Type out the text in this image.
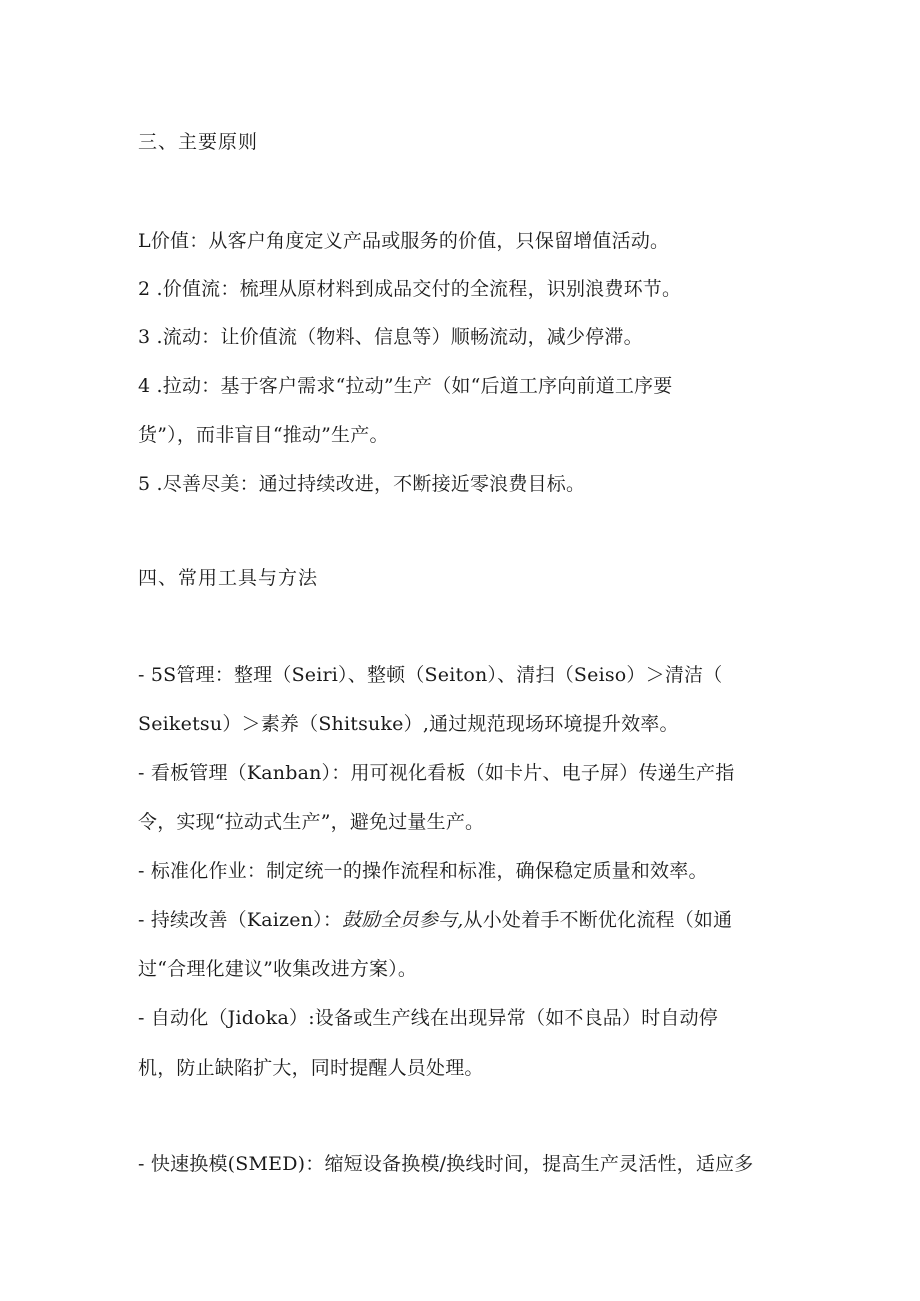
三、主要原则
L价值：从客户角度定义产品或服务的价值，只保留增值活动。
2 .价值流：梳理从原材料到成品交付的全流程，识别浪费环节。
3 .流动：让价值流（物料、信息等）顺畅流动，减少停滞。
4 .拉动：基于客户需求“拉动”生产（如“后道工序向前道工序要
货”），而非盲目“推动”生产。
5 .尽善尽美：通过持续改进，不断接近零浪费目标。
四、常用工具与方法
- 5S管理：整理（Seiri）、整顿（Seiton）、清扫（Seiso）＞清洁（
Seiketsu）＞素养（Shitsuke）,通过规范现场环境提升效率。
- 看板管理（Kanban）：用可视化看板（如卡片、电子屏）传递生产指
令，实现“拉动式生产”，避免过量生产。
- 标准化作业：制定统一的操作流程和标准，确保稳定质量和效率。
- 持续改善（Kaizen）：鼓励全员参与,从小处着手不断优化流程（如通
过“合理化建议”收集改进方案）。
- 自动化（Jidoka）:设备或生产线在出现异常（如不良品）时自动停
机，防止缺陷扩大，同时提醒人员处理。
- 快速换模(SMED)：缩短设备换模/换线时间，提高生产灵活性，适应多
